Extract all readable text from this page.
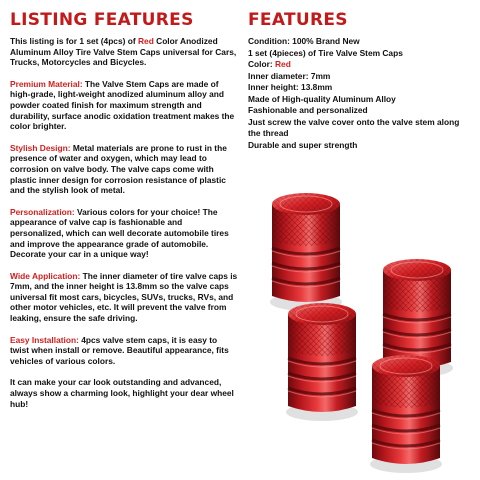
LISTING FEATURES

This listing is for 1 set (4pcs) of Red Color Anodized Aluminum Alloy Tire Valve Stem Caps universal for Cars, Trucks, Motorcycles and Bicycles.

Premium Material: The Valve Stem Caps are made of high-grade, light-weight anodized aluminum alloy and powder coated finish for maximum strength and durability, surface anodic oxidation treatment makes the color brighter.

Stylish Design: Metal materials are prone to rust in the presence of water and oxygen, which may lead to corrosion on valve body. The valve caps come with plastic inner design for corrosion resistance of plastic and the stylish look of metal.

Personalization: Various colors for your choice! The appearance of valve cap is fashionable and personalized, which can well decorate automobile tires and improve the appearance grade of automobile. Decorate your car in a unique way!

Wide Application: The inner diameter of tire valve caps is 7mm, and the inner height is 13.8mm so the valve caps universal fit most cars, bicycles, SUVs, trucks, RVs, and other motor vehicles, etc. It will prevent the valve from leaking, ensure the safe driving.

Easy Installation: 4pcs valve stem caps, it is easy to twist when install or remove. Beautiful appearance, fits vehicles of various colors.

It can make your car look outstanding and advanced, always show a charming look, highlight your dear wheel hub!

FEATURES
Condition: 100% Brand New
1 set (4pieces) of Tire Valve Stem Caps
Color: Red
Inner diameter: 7mm
Inner height: 13.8mm
Made of High-quality Aluminum Alloy
Fashionable and personalized
Just screw the valve cover onto the valve stem along the thread
Durable and super strength
